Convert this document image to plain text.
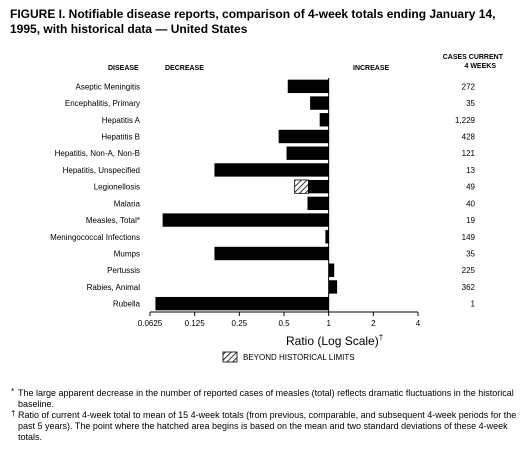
FIGURE I. Notifiable disease reports, comparison of 4-week totals ending January 14, 1995, with historical data — United States
DISEASE	DECREASE	INCREASE
CASES CURRENT
4 WEEKS
Aseptic Meningitis	272
Encephalitis, Primary	35
Hepatitis A	1,229
Hepatitis B	428
Hepatitis, Non-A, Non-B	121
Hepatitis, Unspecified	13
Legionellosis	49
Malaria	40
Measles, Total*	19
Meningococcal Infections	149
Mumps	35
Pertussis	225
Rabies, Animal	362
Rubella	1
0.0625	0.125	0.25	0.5	1	2	4
Ratio (Log Scale)†
BEYOND HISTORICAL LIMITS
* The large apparent decrease in the number of reported cases of measles (total) reflects dramatic fluctuations in the historical baseline.
† Ratio of current 4-week total to mean of 15 4-week totals (from previous, comparable, and subsequent 4-week periods for the past 5 years). The point where the hatched area begins is based on the mean and two standard deviations of these 4-week totals.
